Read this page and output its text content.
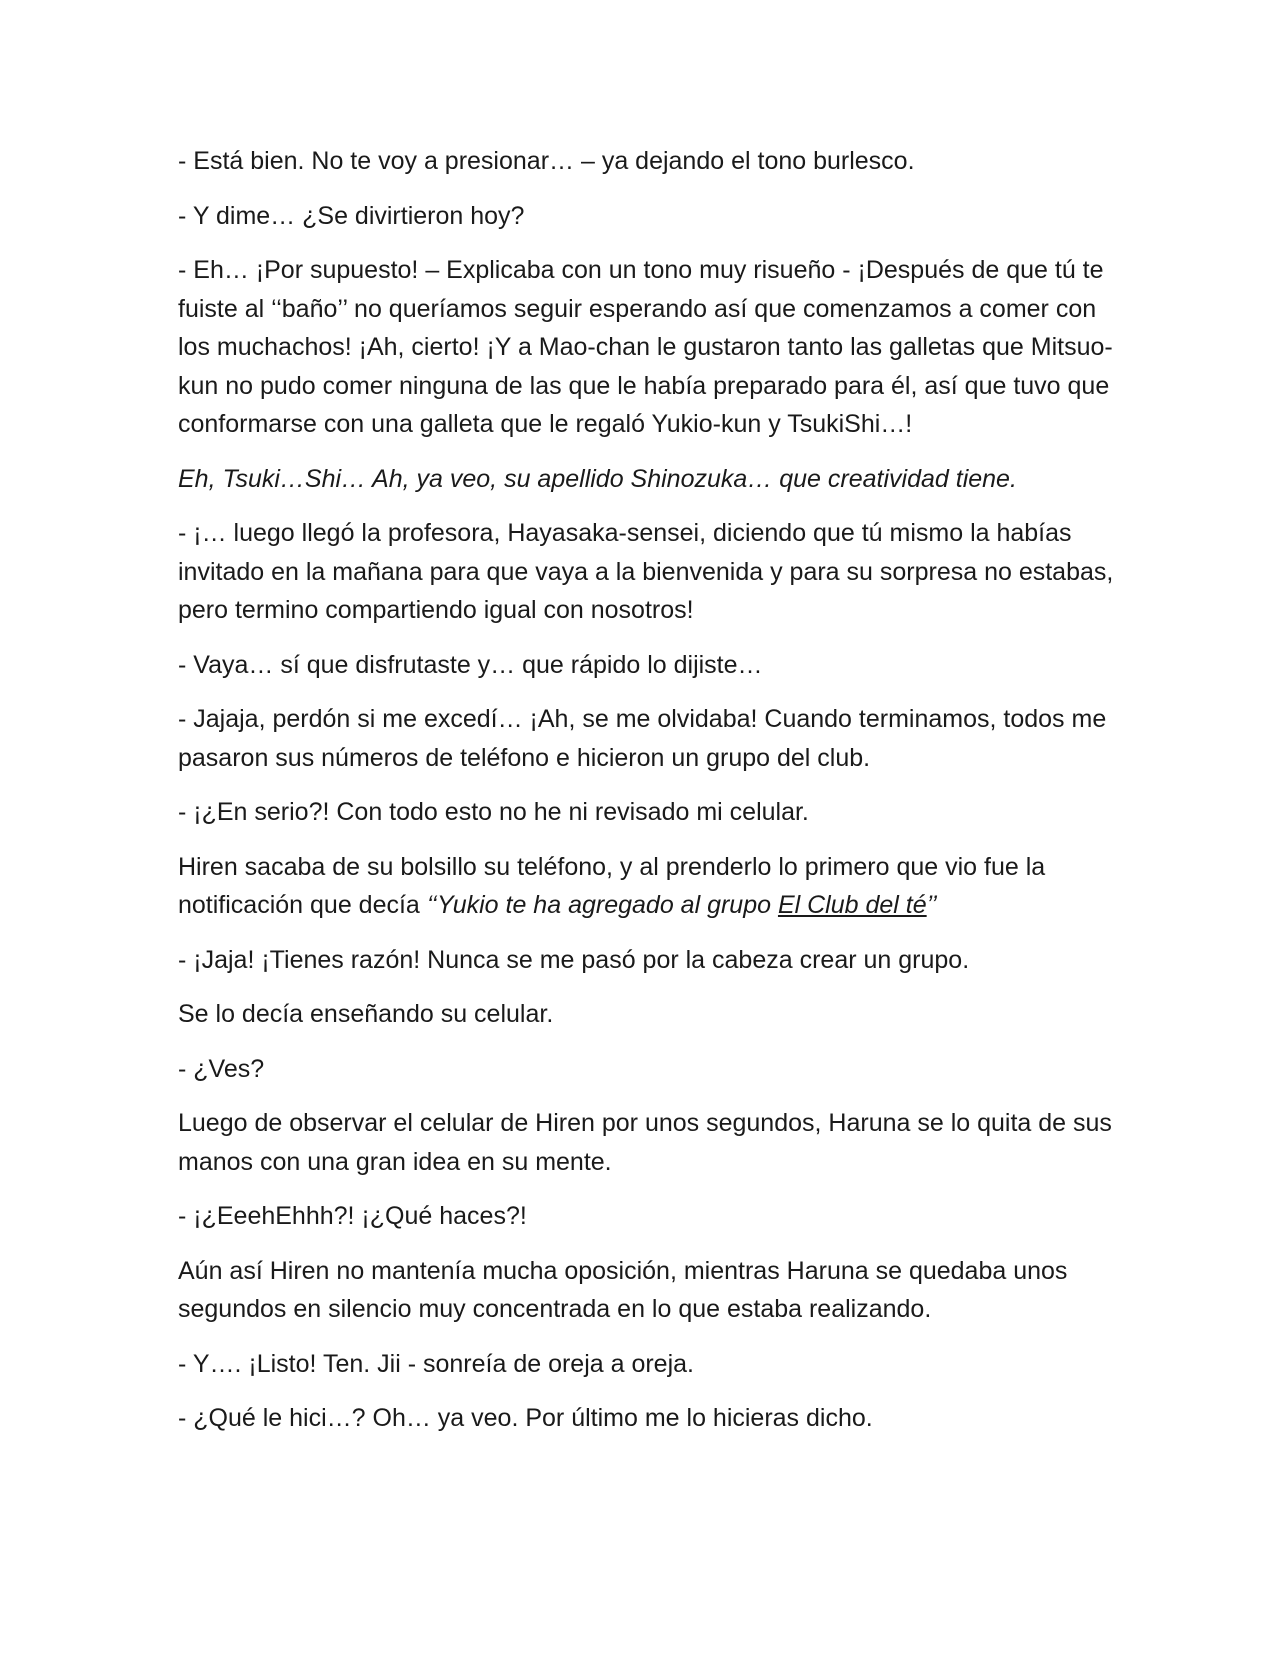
- Está bien. No te voy a presionar… – ya dejando el tono burlesco.

- Y dime… ¿Se divirtieron hoy?

- Eh… ¡Por supuesto! – Explicaba con un tono muy risueño - ¡Después de que tú te fuiste al ‘‘baño’’ no queríamos seguir esperando así que comenzamos a comer con los muchachos! ¡Ah, cierto! ¡Y a Mao-chan le gustaron tanto las galletas que Mitsuo-kun no pudo comer ninguna de las que le había preparado para él, así que tuvo que conformarse con una galleta que le regaló Yukio-kun y TsukiShi…!

Eh, Tsuki…Shi… Ah, ya veo, su apellido Shinozuka… que creatividad tiene.

- ¡… luego llegó la profesora, Hayasaka-sensei, diciendo que tú mismo la habías invitado en la mañana para que vaya a la bienvenida y para su sorpresa no estabas, pero termino compartiendo igual con nosotros!

- Vaya… sí que disfrutaste y… que rápido lo dijiste…

- Jajaja, perdón si me excedí… ¡Ah, se me olvidaba! Cuando terminamos, todos me pasaron sus números de teléfono e hicieron un grupo del club.

- ¡¿En serio?! Con todo esto no he ni revisado mi celular.

Hiren sacaba de su bolsillo su teléfono, y al prenderlo lo primero que vio fue la notificación que decía ‘‘Yukio te ha agregado al grupo El Club del té’’

- ¡Jaja! ¡Tienes razón! Nunca se me pasó por la cabeza crear un grupo.

Se lo decía enseñando su celular.

- ¿Ves?

Luego de observar el celular de Hiren por unos segundos, Haruna se lo quita de sus manos con una gran idea en su mente.

- ¡¿EeehEhhh?! ¡¿Qué haces?!

Aún así Hiren no mantenía mucha oposición, mientras Haruna se quedaba unos segundos en silencio muy concentrada en lo que estaba realizando.

- Y…. ¡Listo! Ten. Jii - sonreía de oreja a oreja.

- ¿Qué le hici…? Oh… ya veo. Por último me lo hicieras dicho.
